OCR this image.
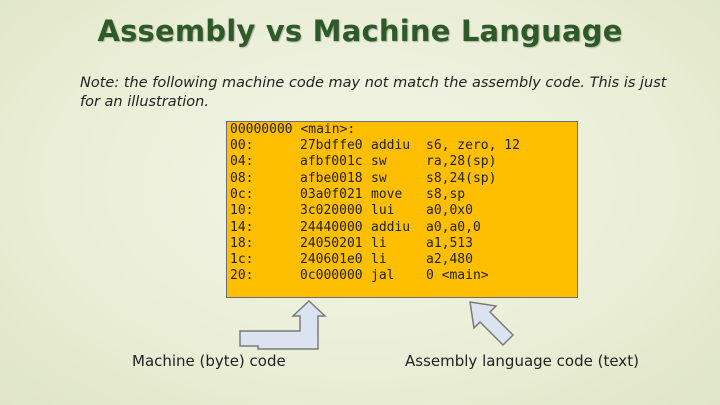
Assembly vs Machine Language
Note: the following machine code may not match the assembly code. This is just for an illustration.
00000000 <main>:
00:	27bdffe0 addiu s6, zero, 12
04:	afbf001c sw	ra,28(sp)
08:	afbe0018 sw	s8,24(sp)
0c:	03a0f021 move s8,sp
10:	3c020000 lui a0,0x0
14:	24440000 addiu a0,a0,0
18:	24050201 li	a1,513
1c:	240601e0 li	a2,480
20:	0c000000 jal 0 <main>
Machine (byte) code	Assembly language code (text)
